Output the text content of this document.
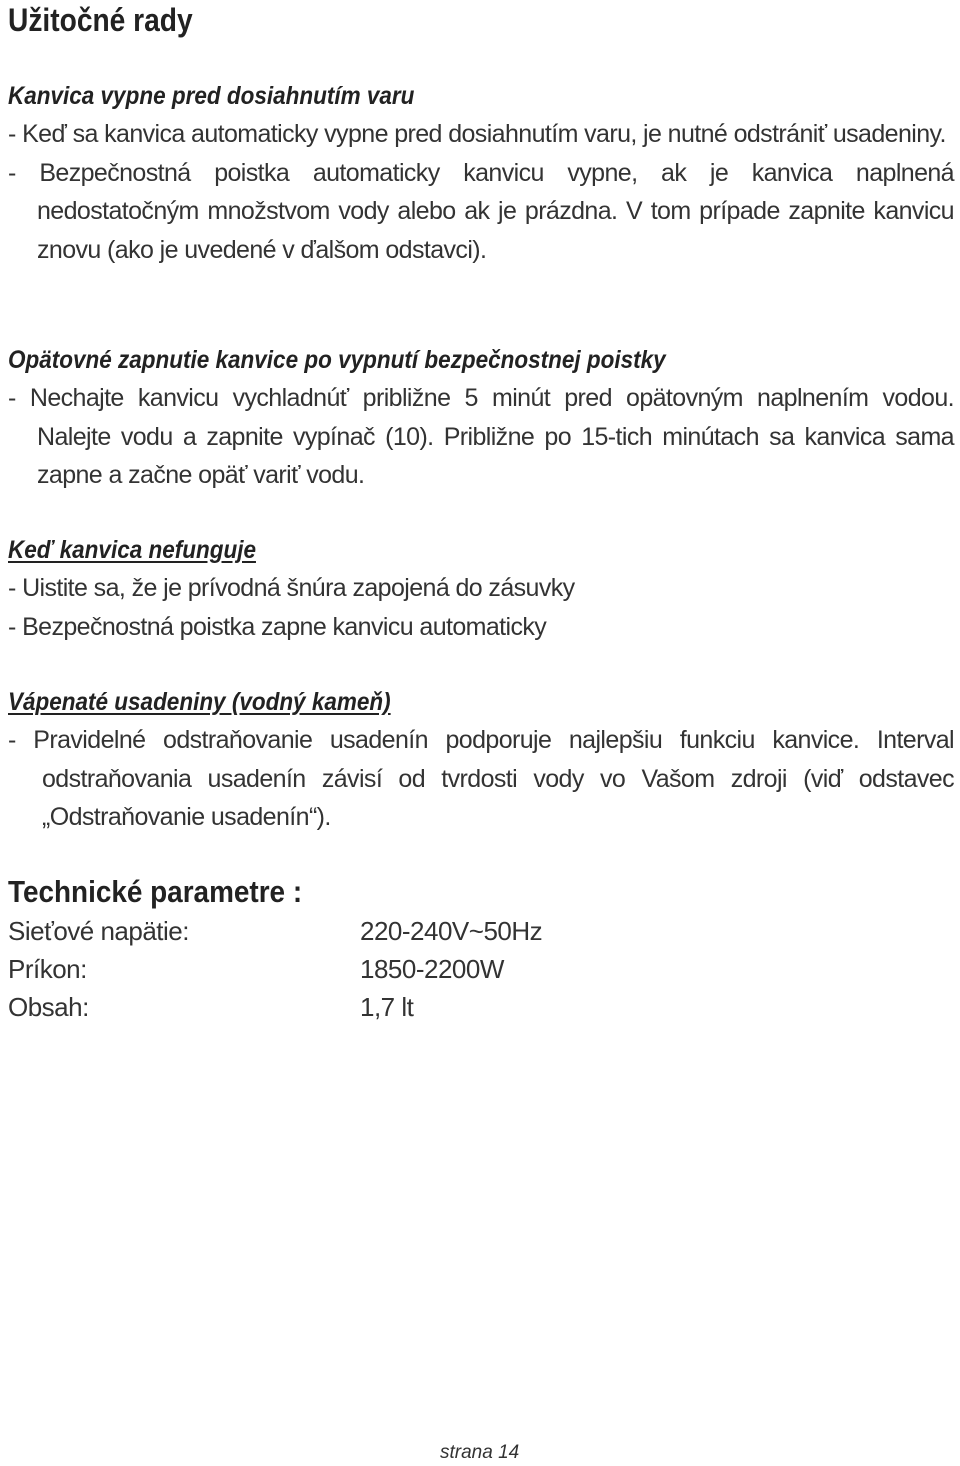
Užitočné rady
Kanvica vypne pred dosiahnutím varu

- Keď sa kanvica automaticky vypne pred dosiahnutím varu, je nutné odstrániť usadeniny.

- Bezpečnostná poistka automaticky kanvicu vypne, ak je kanvica naplnená nedostatočným množstvom vody alebo ak je prázdna. V tom prípade zapnite kanvicu znovu (ako je uvedené v ďalšom odstavci).

Opätovné zapnutie kanvice po vypnutí bezpečnostnej poistky

- Nechajte kanvicu vychladnúť približne 5 minút pred opätovným naplnením vodou. Nalejte vodu a zapnite vypínač (10). Približne po 15-tich minútach sa kanvica sama zapne a začne opäť variť vodu.

Keď kanvica nefunguje

- Uistite sa, že je prívodná šnúra zapojená do zásuvky

- Bezpečnostná poistka zapne kanvicu automaticky

Vápenaté usadeniny (vodný kameň)

- Pravidelné odstraňovanie usadenín podporuje najlepšiu funkciu kanvice. Interval odstraňovania usadenín závisí od tvrdosti vody vo Vašom zdroji (viď odstavec „Odstraňovanie usadenín“).

Technické parametre :
Sieťové napätie:	220-240V~50Hz
Príkon:	1850-2200W
Obsah:	1,7 lt
strana 14
